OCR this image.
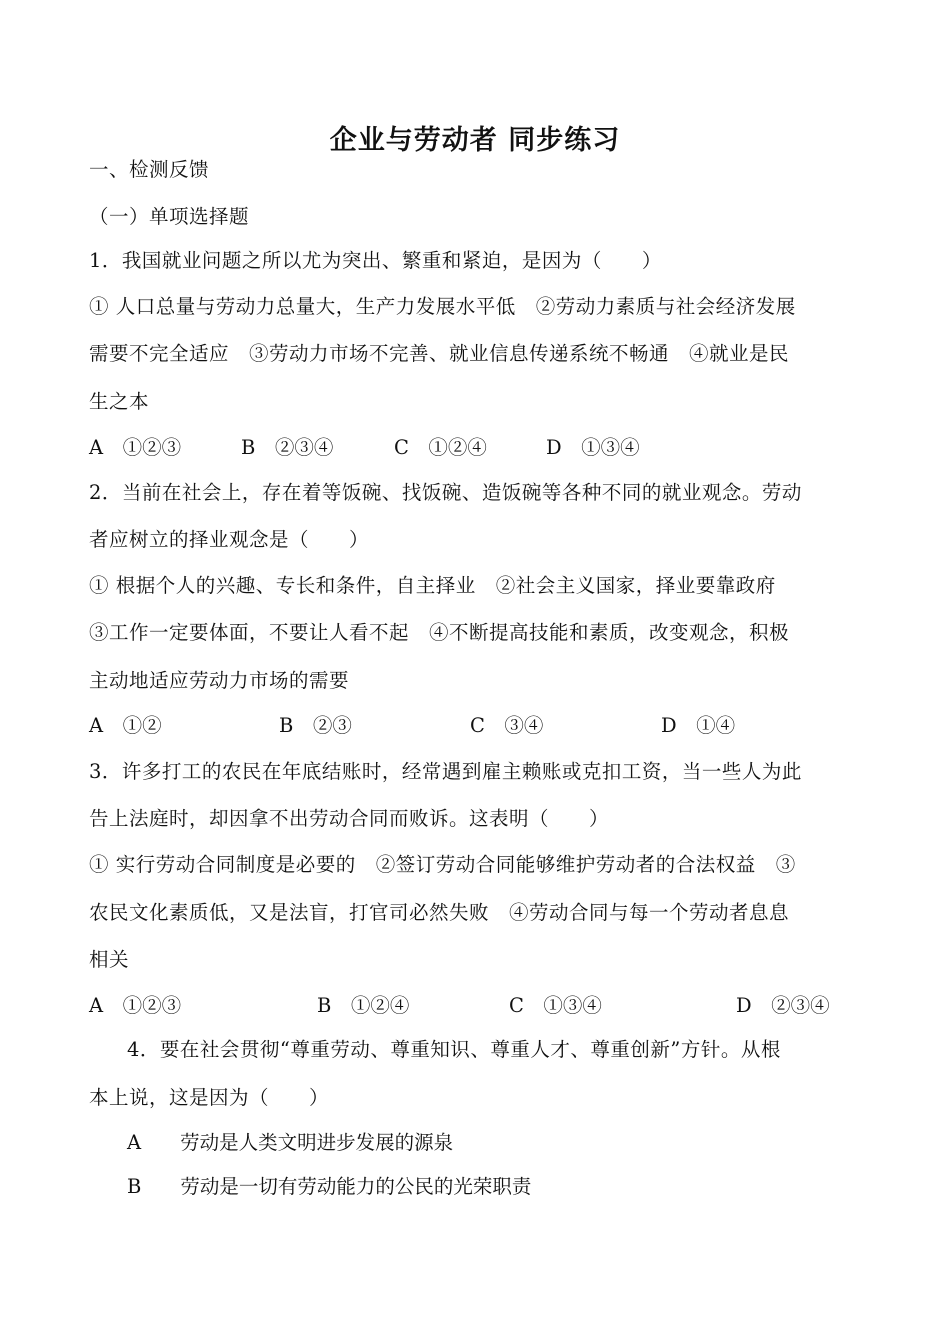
企业与劳动者 同步练习
一、检测反馈
（一）单项选择题
1．我国就业问题之所以尤为突出、繁重和紧迫，是因为（　　）
① 人口总量与劳动力总量大，生产力发展水平低　②劳动力素质与社会经济发展
需要不完全适应　③劳动力市场不完善、就业信息传递系统不畅通　④就业是民
生之本
A　①②③	B　②③④	C　①②④	D　①③④
2．当前在社会上，存在着等饭碗、找饭碗、造饭碗等各种不同的就业观念。劳动
者应树立的择业观念是（　　）
① 根据个人的兴趣、专长和条件，自主择业　②社会主义国家，择业要靠政府
③工作一定要体面，不要让人看不起　④不断提高技能和素质，改变观念，积极
主动地适应劳动力市场的需要
A　①②	B　②③	C　③④	D　①④
3．许多打工的农民在年底结账时，经常遇到雇主赖账或克扣工资，当一些人为此
告上法庭时，却因拿不出劳动合同而败诉。这表明（　　）
① 实行劳动合同制度是必要的　②签订劳动合同能够维护劳动者的合法权益　③
农民文化素质低，又是法盲，打官司必然失败　④劳动合同与每一个劳动者息息
相关
A　①②③	B　①②④	C　①③④	D　②③④
4．要在社会贯彻“尊重劳动、尊重知识、尊重人才、尊重创新”方针。从根
本上说，这是因为（　　）
A　　劳动是人类文明进步发展的源泉
B　　劳动是一切有劳动能力的公民的光荣职责
